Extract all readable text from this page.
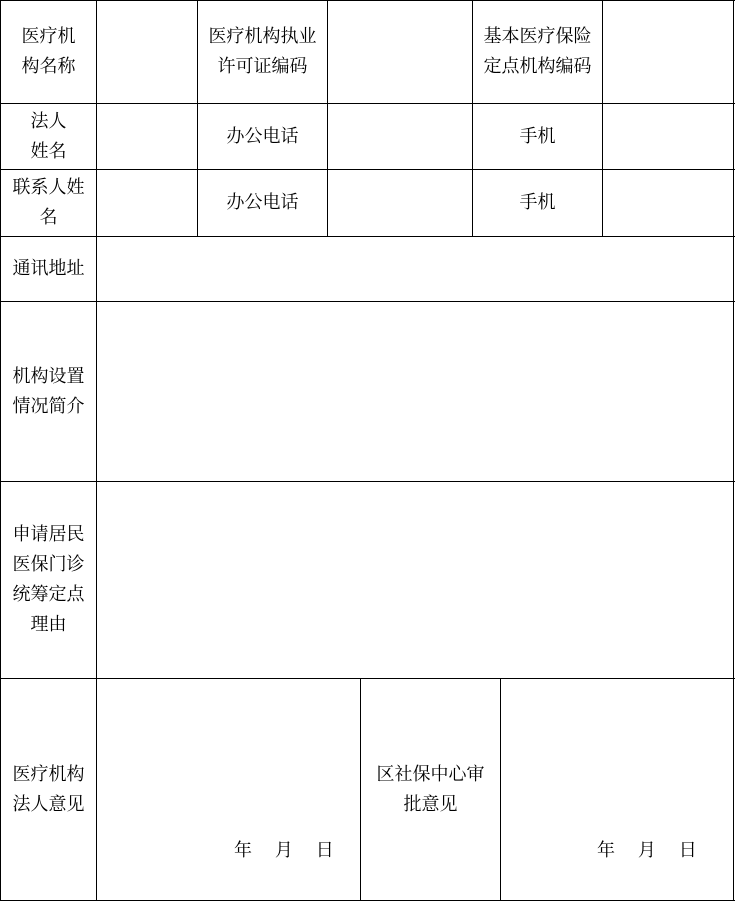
医疗机
构名称
医疗机构执业
许可证编码
基本医疗保险
定点机构编码
法人
姓名
办公电话	手机
联系人姓
名
办公电话	手机
通讯地址
机构设置
情况简介
申请居民
医保门诊
统筹定点
理由
医疗机构
法人意见
年    月    日
区社保中心审
批意见
年    月    日
